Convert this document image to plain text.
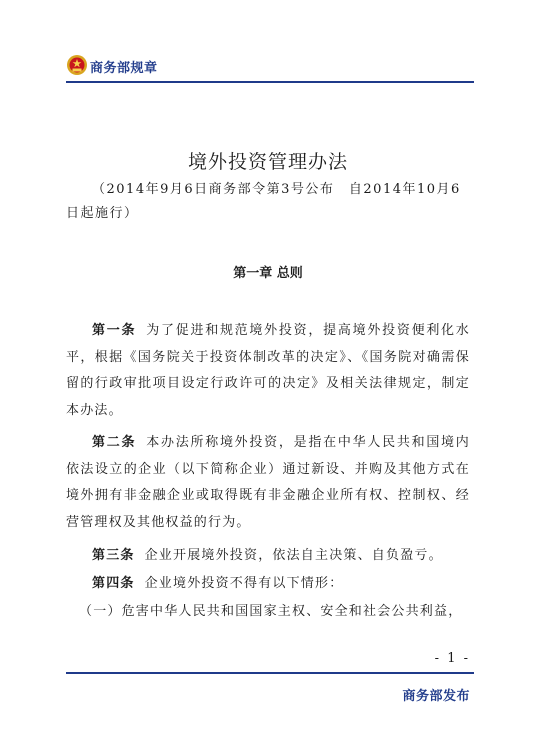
商务部规章
境外投资管理办法
（2014年9月6日商务部令第3号公布　自2014年10月6日起施行）
第一章 总则
第一条 为了促进和规范境外投资，提高境外投资便利化水平，根据《国务院关于投资体制改革的决定》、《国务院对确需保留的行政审批项目设定行政许可的决定》及相关法律规定，制定本办法。
第二条 本办法所称境外投资，是指在中华人民共和国境内依法设立的企业（以下简称企业）通过新设、并购及其他方式在境外拥有非金融企业或取得既有非金融企业所有权、控制权、经营管理权及其他权益的行为。
第三条 企业开展境外投资，依法自主决策、自负盈亏。
第四条 企业境外投资不得有以下情形：
（一）危害中华人民共和国国家主权、安全和社会公共利益，
- 1 -
商务部发布
